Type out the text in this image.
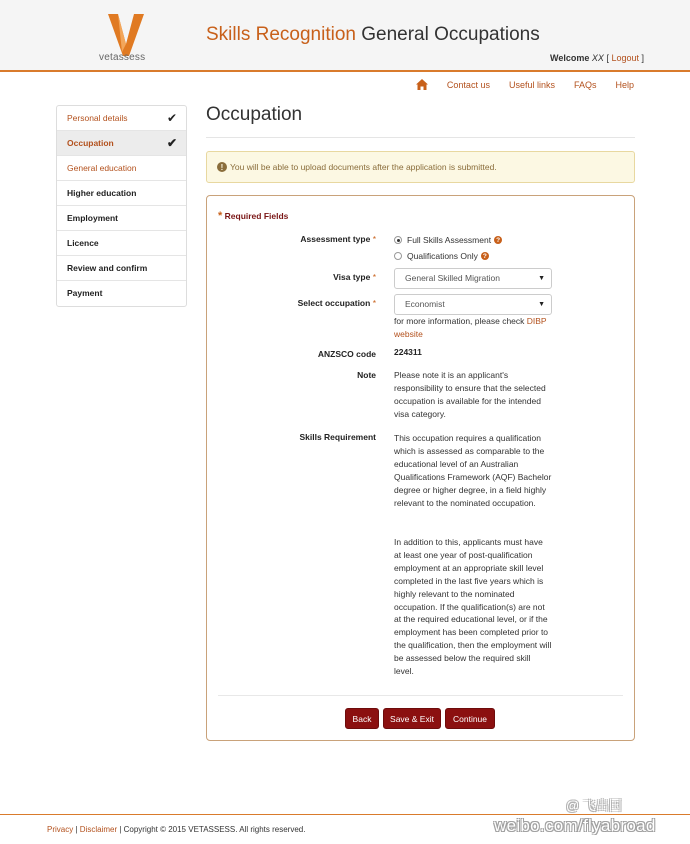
vetassess
Skills Recognition General Occupations
Welcome XX [ Logout ]
Contact us Useful links FAQs Help
Personal details	✔
Occupation	✔
General education
Higher education
Employment
Licence
Review and confirm
Payment
Occupation
! You will be able to upload documents after the application is submitted.
* Required Fields
Assessment type *	Full Skills Assessment ?
Qualifications Only ?
Visa type *	General Skilled Migration	▼
Select occupation *	Economist	▼
for more information, please check DIBP website
ANZSCO code 224311
Note Please note it is an applicant's responsibility to ensure that the selected occupation is available for the intended visa category.
Skills Requirement This occupation requires a qualification which is assessed as comparable to the educational level of an Australian Qualifications Framework (AQF) Bachelor degree or higher degree, in a field highly relevant to the nominated occupation.
In addition to this, applicants must have at least one year of post-qualification employment at an appropriate skill level completed in the last five years which is highly relevant to the nominated occupation. If the qualification(s) are not at the required educational level, or if the employment has been completed prior to the qualification, then the employment will be assessed below the required skill level.
Back	Save & Exit	Continue
Privacy | Disclaimer | Copyright © 2015 VETASSESS. All rights reserved.
@ 飞出国
weibo.com/flyabroad
